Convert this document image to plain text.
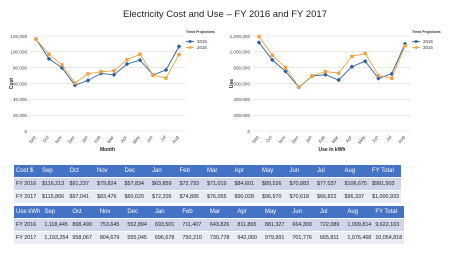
Electricity Cost and Use – FY 2016 and FY 2017
0
20,000
40,000
60,000
80,000
100,000
120,000
Sep Oct Nov Dec Jan Feb Mar Apr May Jun Jul Aug
Month
Cost
Trend Projections
2015
2016
0
200,000
400,000
600,000
800,000
1,000,000
1,200,000
Sep Oct Nov Dec Jan Feb Mar Apr May Jun Jul Aug
Use in kWh
Use
Trend Projections
2015
2016
Cost $	Sep	Oct	Nov	Dec	Jan	Feb	Mar	Apr	May	Jun	Jul	Aug	FY Total
FY 2016	$116,213	$91,237	$79,824	$57,834	$63,859	$72,793	$71,019	$84,601	$89,526	$70,883	$77,037	$106,675	$981,503
FY 2017	$115,866	$97,041	$83,476	$60,620	$72,205	$74,895	$76,055	$90,028	$96,970	$70,618	$66,822	$96,337	$1,000,933
Use kWh	Sep	Oct	Nov	Dec	Jan	Feb	Mar	Apr	May	Jun	Jul	Aug	FY Total
FY 2016	1,118,445	898,490	753,645	552,894	693,501	711,407	643,826	811,865	881,327	664,300	722,089	1,099,814	9,622,103
FY 2017	1,193,254	958,067	804,679	555,045	696,678	750,210	730,778	942,060	979,991	701,776	665,811	1,076,468	10,054,818
